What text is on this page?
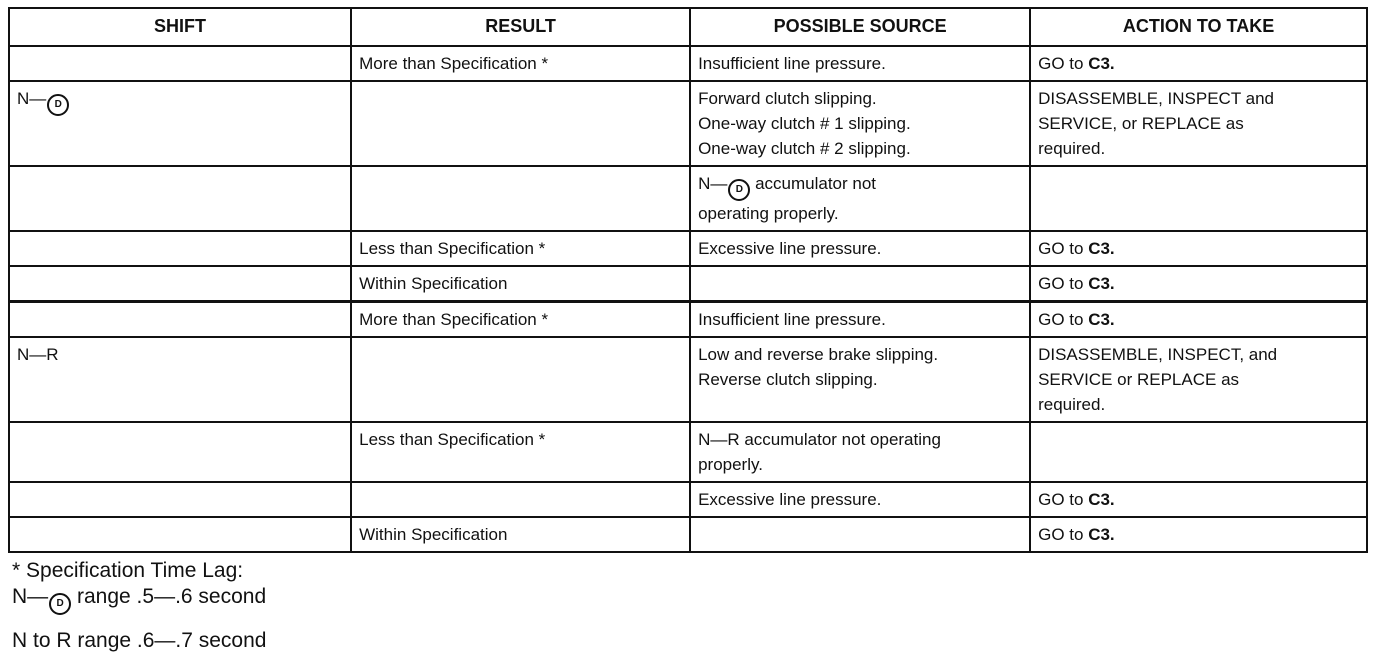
SHIFT	RESULT	POSSIBLE SOURCE	ACTION TO TAKE
	More than Specification *	Insufficient line pressure.	GO to C3.
N— D		Forward clutch slipping.
One-way clutch # 1 slipping.
One-way clutch # 2 slipping.	DISASSEMBLE, INSPECT and
SERVICE, or REPLACE as
required.
		N— D accumulator not
operating properly.	
	Less than Specification *	Excessive line pressure.	GO to C3.
	Within Specification		GO to C3.
	More than Specification *	Insufficient line pressure.	GO to C3.
N—R		Low and reverse brake slipping.
Reverse clutch slipping.	DISASSEMBLE, INSPECT, and
SERVICE or REPLACE as
required.
	Less than Specification *	N—R accumulator not operating
properly.	
		Excessive line pressure.	GO to C3.
	Within Specification		GO to C3.
* Specification Time Lag:
N— D range .5—.6 second
N to R range .6—.7 second
